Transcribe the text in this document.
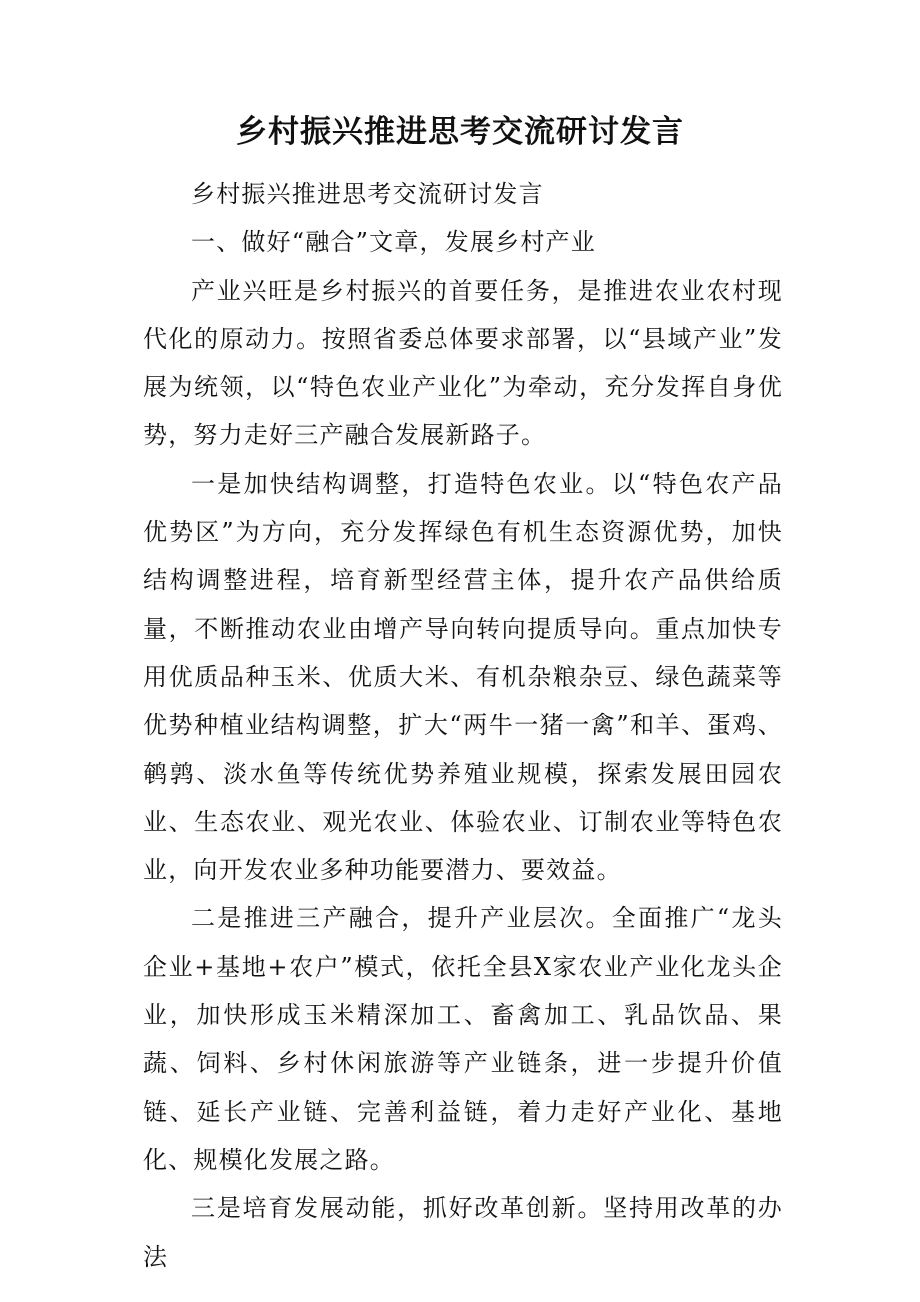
乡村振兴推进思考交流研讨发言

乡村振兴推进思考交流研讨发言

一、做好“融合”文章，发展乡村产业

产业兴旺是乡村振兴的首要任务，是推进农业农村现代化的原动力。按照省委总体要求部署，以“县域产业”发展为统领，以“特色农业产业化”为牵动，充分发挥自身优势，努力走好三产融合发展新路子。

一是加快结构调整，打造特色农业。以“特色农产品优势区”为方向，充分发挥绿色有机生态资源优势，加快结构调整进程，培育新型经营主体，提升农产品供给质量，不断推动农业由增产导向转向提质导向。重点加快专用优质品种玉米、优质大米、有机杂粮杂豆、绿色蔬菜等优势种植业结构调整，扩大“两牛一猪一禽”和羊、蛋鸡、鹌鹑、淡水鱼等传统优势养殖业规模，探索发展田园农业、生态农业、观光农业、体验农业、订制农业等特色农业，向开发农业多种功能要潜力、要效益。

二是推进三产融合，提升产业层次。全面推广“龙头企业+基地+农户”模式，依托全县X家农业产业化龙头企业，加快形成玉米精深加工、畜禽加工、乳品饮品、果蔬、饲料、乡村休闲旅游等产业链条，进一步提升价值链、延长产业链、完善利益链，着力走好产业化、基地化、规模化发展之路。

三是培育发展动能，抓好改革创新。坚持用改革的办法
